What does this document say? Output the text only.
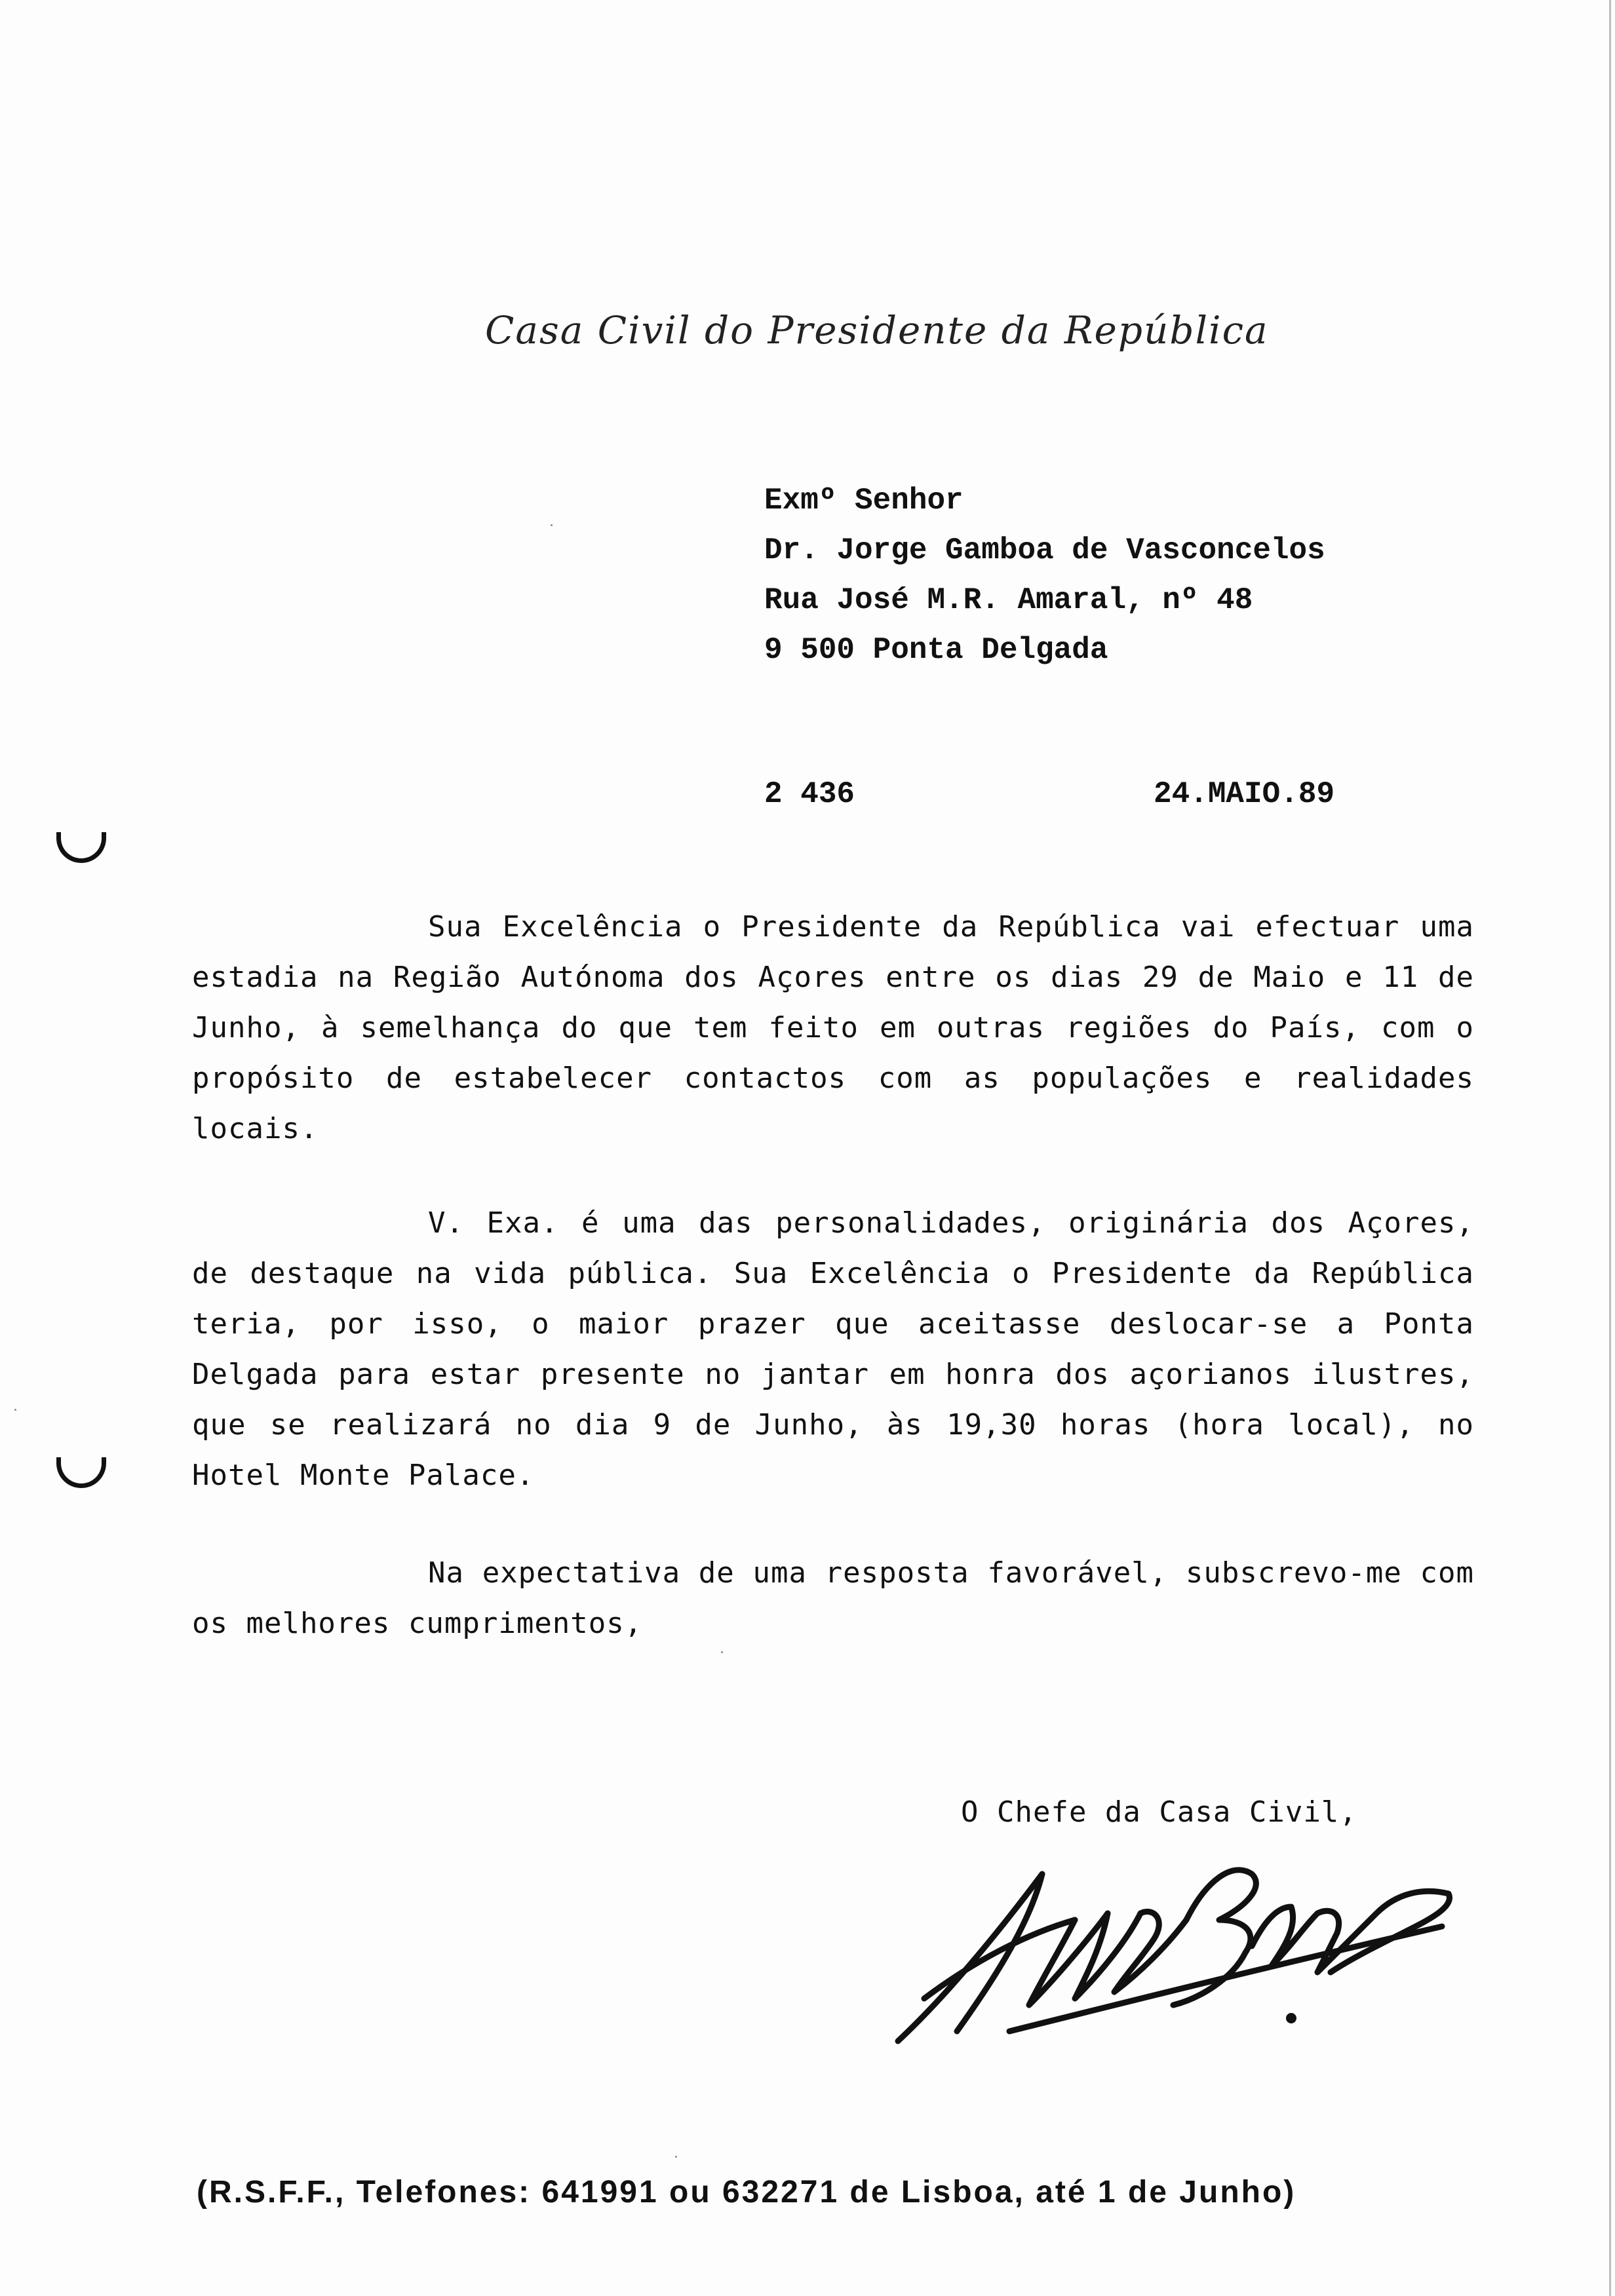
Casa Civil do Presidente da República
Exmº Senhor
Dr. Jorge Gamboa de Vasconcelos
Rua José M.R. Amaral, nº 48
9 500 Ponta Delgada
2 436	24.MAIO.89

Sua Excelência o Presidente da República vai efectuar uma estadia na Região Autónoma dos Açores entre os dias 29 de Maio e 11 de Junho, à semelhança do que tem feito em outras regiões do País, com o propósito de estabelecer contactos com as populações e realidades locais.

V. Exa. é uma das personalidades, originária dos Açores, de destaque na vida pública. Sua Excelência o Presidente da República teria, por isso, o maior prazer que aceitasse deslocar-se a Ponta Delgada para estar presente no jantar em honra dos açorianos ilustres, que se realizará no dia 9 de Junho, às 19,30 horas (hora local), no Hotel Monte Palace.

Na expectativa de uma resposta favorável, subscrevo-me com os melhores cumprimentos,

O Chefe da Casa Civil,
(R.S.F.F., Telefones: 641991 ou 632271 de Lisboa, até 1 de Junho)
